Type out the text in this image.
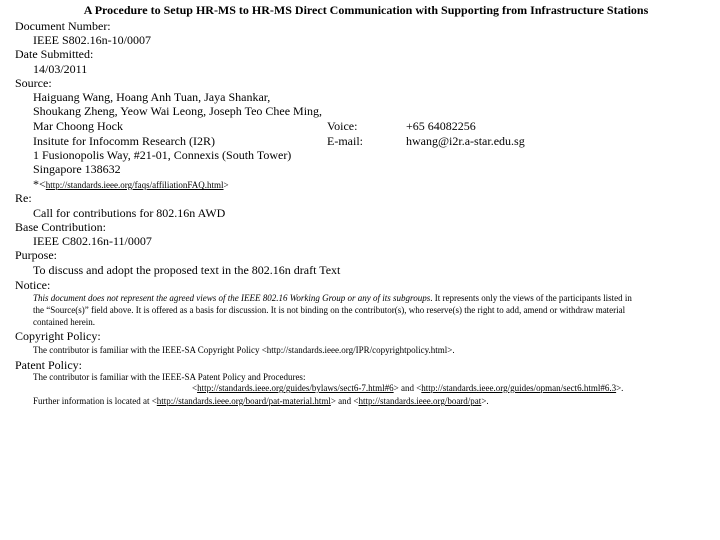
A Procedure to Setup HR-MS to HR-MS Direct Communication with Supporting from Infrastructure Stations
Document Number:
IEEE S802.16n-10/0007
Date Submitted:
14/03/2011
Source:
Haiguang Wang, Hoang Anh Tuan, Jaya Shankar,
Shoukang Zheng, Yeow Wai Leong, Joseph Teo Chee Ming,
Mar Choong Hock	Voice:	+65 64082256
Insitute for Infocomm Research (I2R)	E-mail:	hwang@i2r.a-star.edu.sg
1 Fusionopolis Way, #21-01, Connexis (South Tower)
Singapore 138632
*<http://standards.ieee.org/faqs/affiliationFAQ.html>
Re:
Call for contributions for 802.16n AWD
Base Contribution:
IEEE C802.16n-11/0007
Purpose:
To discuss and adopt the proposed text in the 802.16n draft Text
Notice:
This document does not represent the agreed views of the IEEE 802.16 Working Group or any of its subgroups. It represents only the views of the participants listed in
the “Source(s)” field above. It is offered as a basis for discussion. It is not binding on the contributor(s), who reserve(s) the right to add, amend or withdraw material
contained herein.
Copyright Policy:
The contributor is familiar with the IEEE-SA Copyright Policy <http://standards.ieee.org/IPR/copyrightpolicy.html>.
Patent Policy:
The contributor is familiar with the IEEE-SA Patent Policy and Procedures:
<http://standards.ieee.org/guides/bylaws/sect6-7.html#6> and <http://standards.ieee.org/guides/opman/sect6.html#6.3>.
Further information is located at <http://standards.ieee.org/board/pat-material.html> and <http://standards.ieee.org/board/pat>.
